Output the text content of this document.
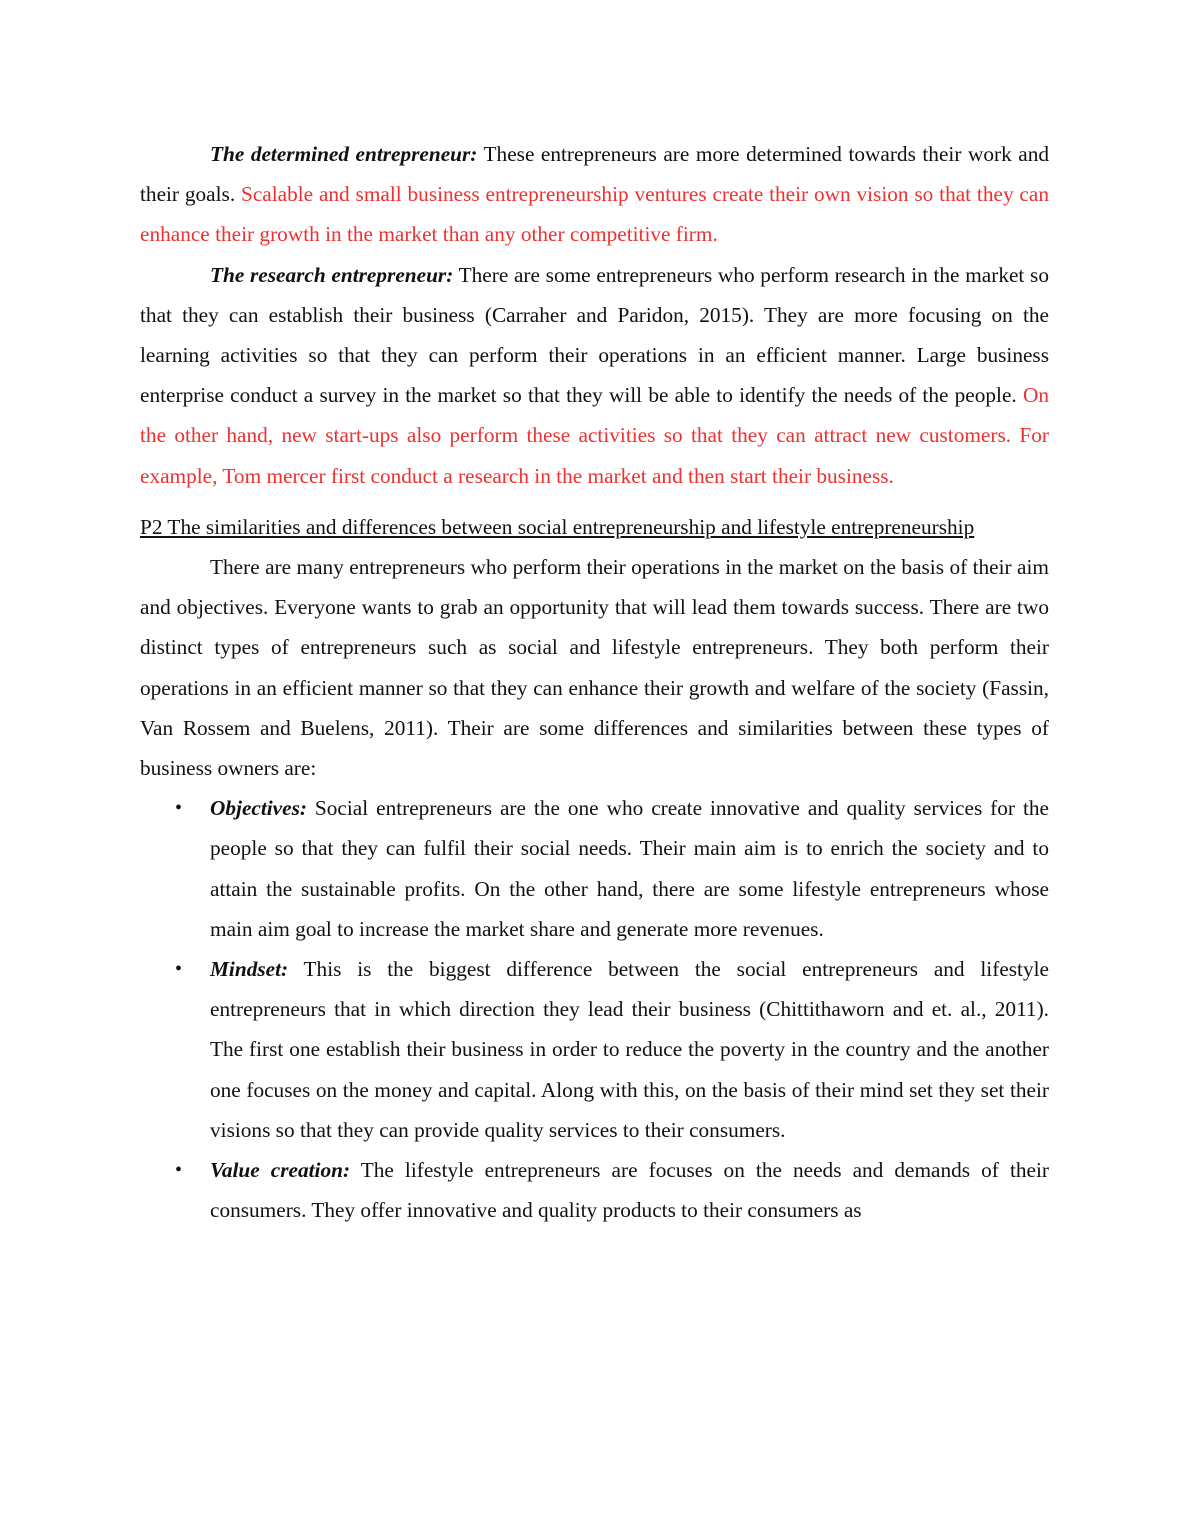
The determined entrepreneur: These entrepreneurs are more determined towards their work and their goals. Scalable and small business entrepreneurship ventures create their own vision so that they can enhance their growth in the market than any other competitive firm.

The research entrepreneur: There are some entrepreneurs who perform research in the market so that they can establish their business (Carraher and Paridon, 2015). They are more focusing on the learning activities so that they can perform their operations in an efficient manner. Large business enterprise conduct a survey in the market so that they will be able to identify the needs of the people. On the other hand, new start-ups also perform these activities so that they can attract new customers. For example, Tom mercer first conduct a research in the market and then start their business.

P2 The similarities and differences between social entrepreneurship and lifestyle entrepreneurship

There are many entrepreneurs who perform their operations in the market on the basis of their aim and objectives. Everyone wants to grab an opportunity that will lead them towards success. There are two distinct types of entrepreneurs such as social and lifestyle entrepreneurs. They both perform their operations in an efficient manner so that they can enhance their growth and welfare of the society (Fassin, Van Rossem and Buelens, 2011). Their are some differences and similarities between these types of business owners are:

• Objectives: Social entrepreneurs are the one who create innovative and quality services for the people so that they can fulfil their social needs. Their main aim is to enrich the society and to attain the sustainable profits. On the other hand, there are some lifestyle entrepreneurs whose main aim goal to increase the market share and generate more revenues.
• Mindset: This is the biggest difference between the social entrepreneurs and lifestyle entrepreneurs that in which direction they lead their business (Chittithaworn and et. al., 2011). The first one establish their business in order to reduce the poverty in the country and the another one focuses on the money and capital. Along with this, on the basis of their mind set they set their visions so that they can provide quality services to their consumers.
• Value creation: The lifestyle entrepreneurs are focuses on the needs and demands of their consumers. They offer innovative and quality products to their consumers as
